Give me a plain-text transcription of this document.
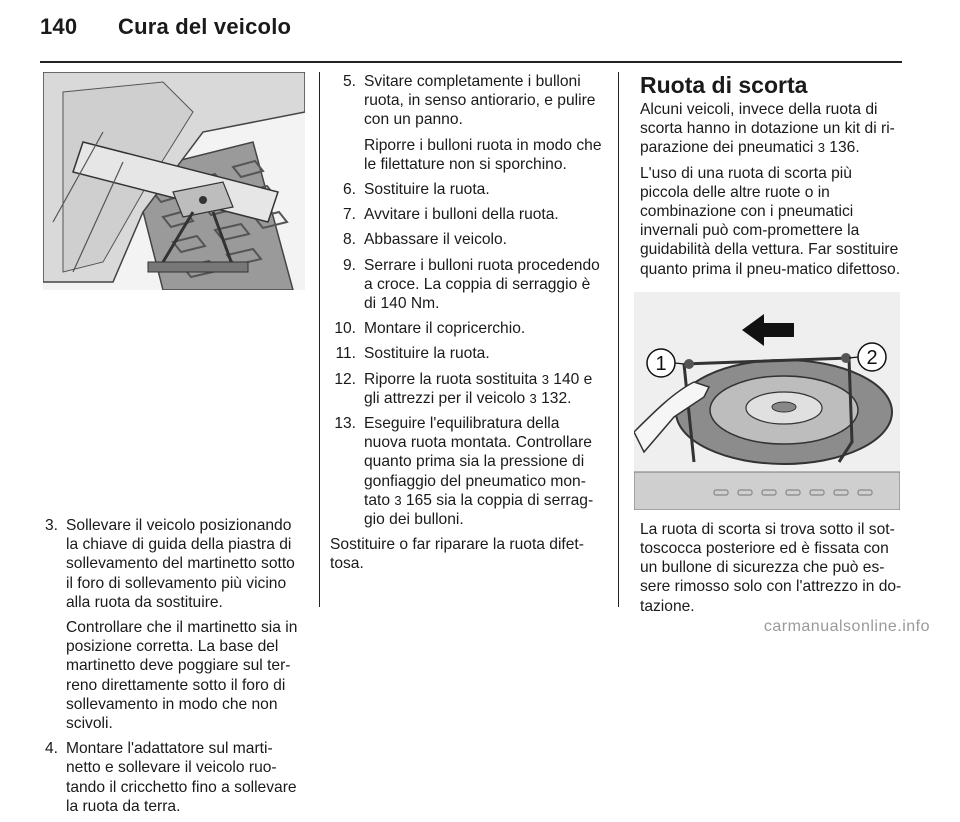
140 Cura del veicolo
3. Sollevare il veicolo posizionando la chiave di guida della piastra di sollevamento del martinetto sotto il foro di sollevamento più vicino alla ruota da sostituire.
Controllare che il martinetto sia in posizione corretta. La base del martinetto deve poggiare sul ter-reno direttamente sotto il foro di sollevamento in modo che non scivoli.
4. Montare l'adattatore sul marti-netto e sollevare il veicolo ruo-tando il cricchetto fino a sollevare la ruota da terra.
5. Svitare completamente i bulloni ruota, in senso antiorario, e pulire con un panno.
Riporre i bulloni ruota in modo che le filettature non si sporchino.
6. Sostituire la ruota.
7. Avvitare i bulloni della ruota.
8. Abbassare il veicolo.
9. Serrare i bulloni ruota procedendo a croce. La coppia di serraggio è di 140 Nm.
10. Montare il copricerchio.
11. Sostituire la ruota.
12. Riporre la ruota sostituita 3 140 e gli attrezzi per il veicolo 3 132.
13. Eseguire l'equilibratura della nuova ruota montata. Controllare quanto prima sia la pressione di gonfiaggio del pneumatico mon-tato 3 165 sia la coppia di serrag-gio dei bulloni.

Sostituire o far riparare la ruota difet-tosa.

Ruota di scorta

Alcuni veicoli, invece della ruota di scorta hanno in dotazione un kit di ri-parazione dei pneumatici 3 136.

L'uso di una ruota di scorta più piccola delle altre ruote o in combinazione con i pneumatici invernali può com-promettere la guidabilità della vettura. Far sostituire quanto prima il pneu-matico difettoso.

1	2

La ruota di scorta si trova sotto il sot-toscocca posteriore ed è fissata con un bullone di sicurezza che può es-sere rimosso solo con l'attrezzo in do-tazione.

carmanualsonline.info
